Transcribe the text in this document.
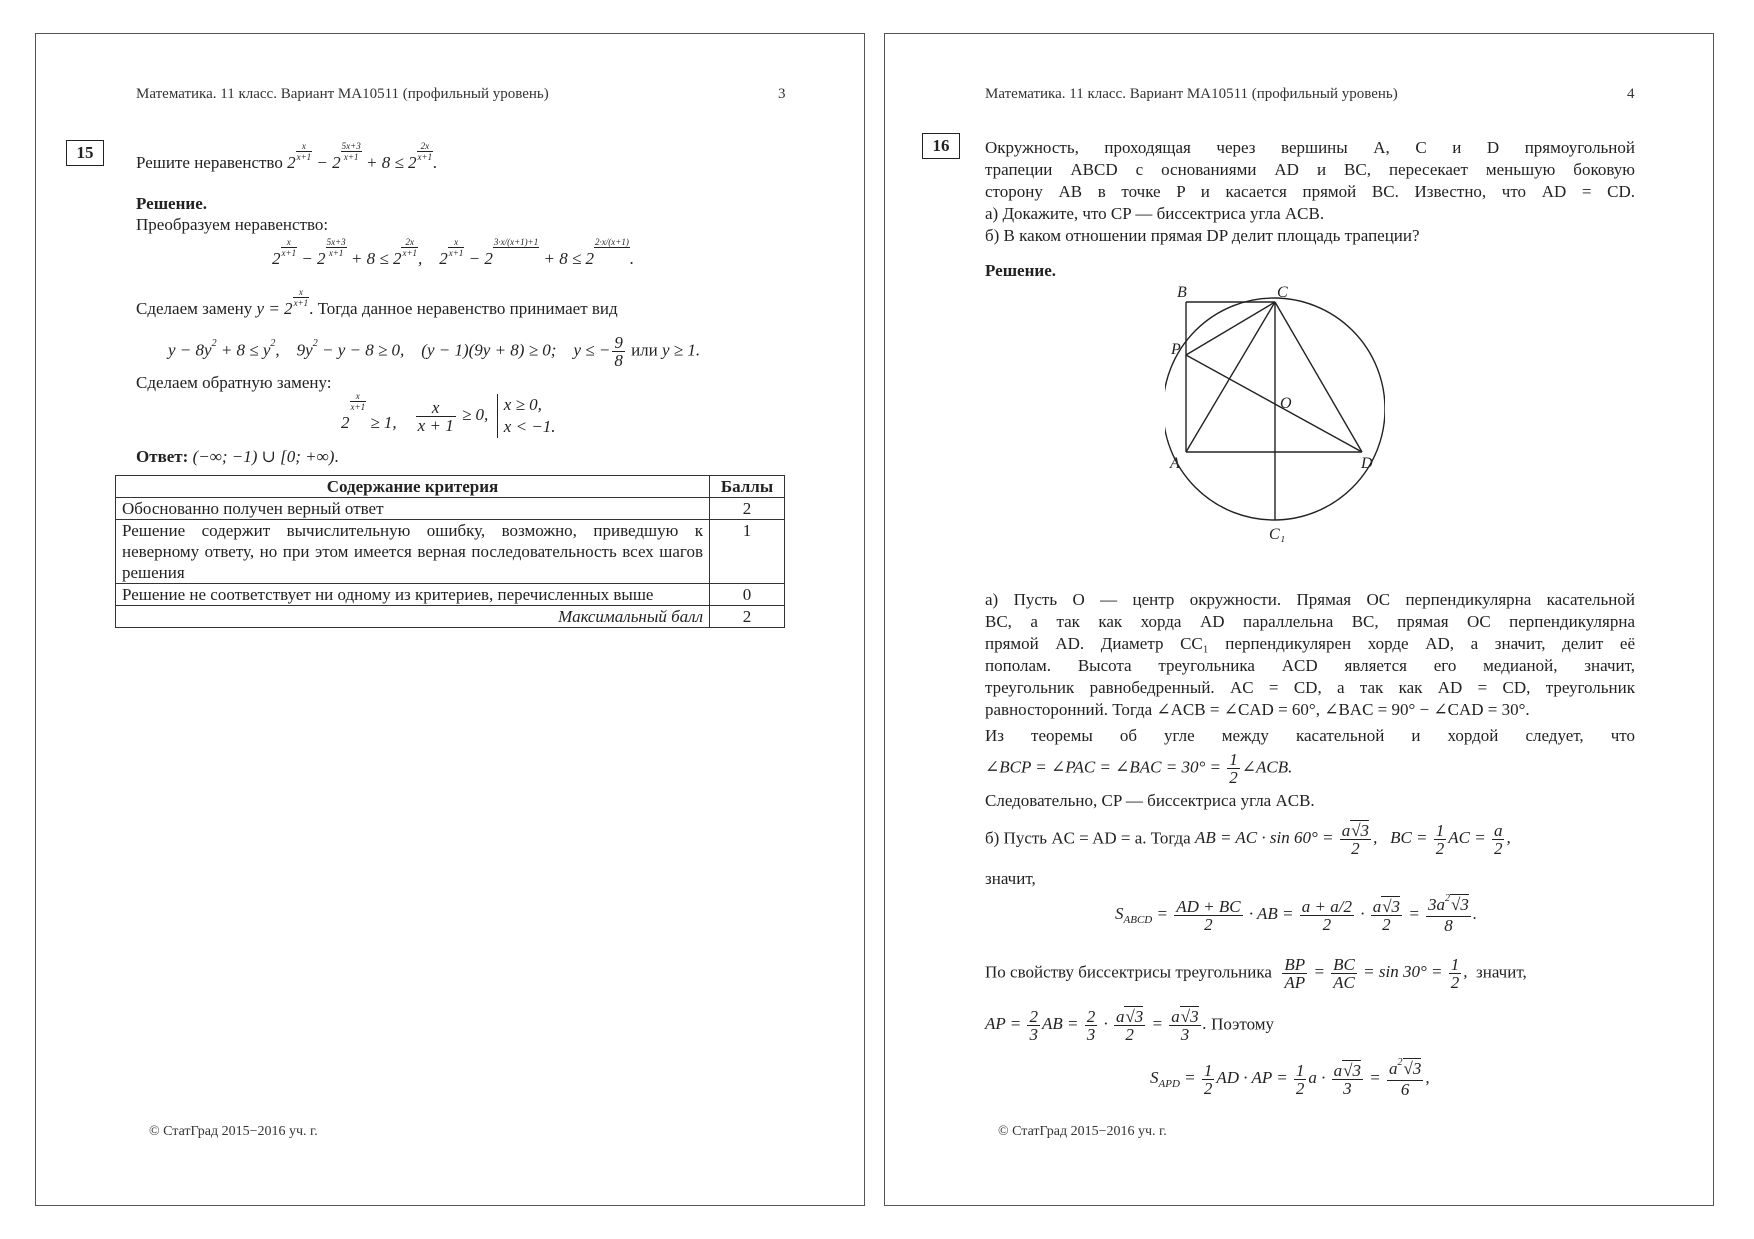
Математика. 11 класс. Вариант МА10511 (профильный уровень)	3
15
Решите неравенство 2
$\frac{x}{x+1}$
− 2
$\frac{5x+3}{x+1}$
+ 8 ≤ 2
$\frac{2x}{x+1}$
.
Решение.
Преобразуем неравенство:
2
$\frac{x}{x+1}$
− 2
$\frac{5x+3}{x+1}$
+ 8 ≤ 2
$\frac{2x}{x+1}$
,    2
$\frac{x}{x+1}$
− 2
3·x/(x+1)+1

+ 8 ≤ 2
2·x/(x+1)

.
Сделаем замену y = 2
$\frac{x}{x+1}$
. Тогда данное неравенство принимает вид
$y - 8y^2 + 8 \le y^2$,    $9y^2 - y - 8 \ge 0$,    (y − 1)(9y + 8) ≥ 0;    y ≤ − $\frac{9}{8}$ или y ≥ 1.
Сделаем обратную замену:
2
$\frac{x}{x+1}$
≥ 1, $\frac{x}{x + 1} \ge 0$,  x ≥ 0,
x < −1.
Ответ: (−∞; −1) ∪ [0; +∞).
Содержание критерия	Баллы
Обоснованно получен верный ответ	2
Решение содержит вычислительную ошибку, возможно, приведшую к неверному ответу, но при этом имеется верная последовательность всех шагов решения	1
Решение не соответствует ни одному из критериев, перечисленных выше	0
Максимальный балл	2
© СтатГрад 2015−2016 уч. г.
Математика. 11 класс. Вариант МА10511 (профильный уровень)	4
16	Окружность, проходящая через вершины A, C и D прямоугольной
трапеции ABCD с основаниями AD и BC, пересекает меньшую боковую
сторону AB в точке P и касается прямой BC. Известно, что AD = CD.
а) Докажите, что CP — биссектриса угла ACB.
б) В каком отношении прямая DP делит площадь трапеции?
Решение.
B	C
P
O
A	D
C₁
а) Пусть O — центр окружности. Прямая OC перпендикулярна касательной
BC, а так как хорда AD параллельна BC, прямая OC перпендикулярна
прямой AD. Диаметр CC₁ перпендикулярен хорде AD, а значит, делит её
пополам. Высота треугольника ACD является его медианой, значит,
треугольник равнобедренный. AC = CD, а так как AD = CD, треугольник
равносторонний. Тогда ∠ACB = ∠CAD = 60°, ∠BAC = 90° − ∠CAD = 30°.
Из теоремы об угле между касательной и хордой следует, что
∠BCP = ∠PAC = ∠BAC = $30^\circ = \frac{1}{2}$ ∠ACB.
Следовательно, CP — биссектриса угла ACB.
б) Пусть AC = AD = a. Тогда AB = AC · $\sin 60^\circ = \frac{a√3}{2}$ ,   BC = $\frac{1}{2}$ AC = $\frac{a}{2}$ ,
значит,
$S_{ABCD} = \frac{AD + BC}{2}$ · AB = $\frac{a + a/2}{2} \cdot \frac{a√3}{2} = \frac{3a^2√3}{8}$ .
По свойству биссектрисы треугольника $\frac{BP}{AP} = \frac{BC}{AC} = \sin 30^\circ = \frac{1}{2}$ , значит,
AP = $\frac{2}{3}$ AB = $\frac{2}{3} \cdot \frac{a√3}{2} = \frac{a√3}{3}$ . Поэтому
$S_{APD} = \frac{1}{2}$ AD · AP = $\frac{1}{2}$ $a \cdot \frac{a√3}{3} = \frac{a^2√3}{6}$ ,
© СтатГрад 2015−2016 уч. г.
